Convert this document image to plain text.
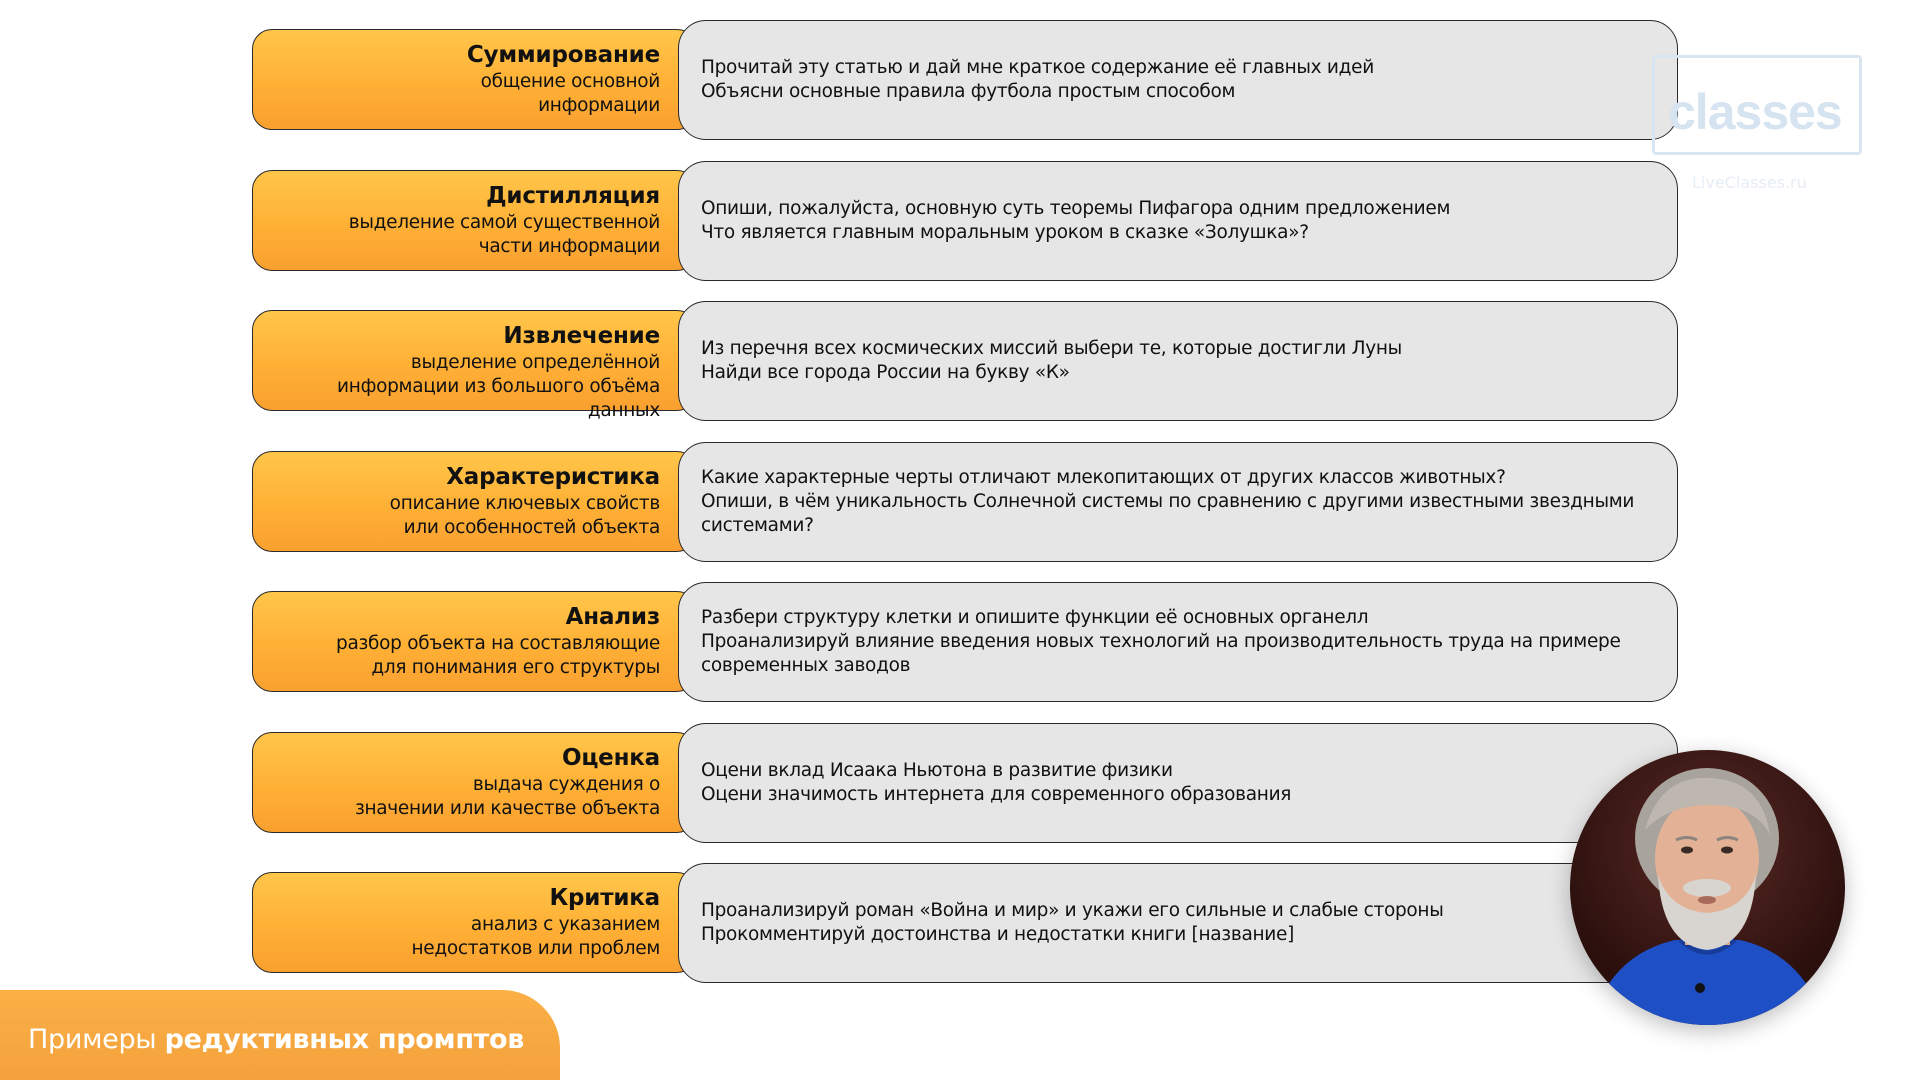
Суммирование
общение основной
информации
Прочитай эту статью и дай мне краткое содержание её главных идей
Объясни основные правила футбола простым способом
Дистилляция
выделение самой существенной
части информации
Опиши, пожалуйста, основную суть теоремы Пифагора одним предложением
Что является главным моральным уроком в сказке «Золушка»?
Извлечение
выделение определённой
информации из большого объёма данных
Из перечня всех космических миссий выбери те, которые достигли Луны
Найди все города России на букву «К»
Характеристика
описание ключевых свойств
или особенностей объекта
Какие характерные черты отличают млекопитающих от других классов животных?
Опиши, в чём уникальность Солнечной системы по сравнению с другими известными звездными
системами?
Анализ
разбор объекта на составляющие
для понимания его структуры
Разбери структуру клетки и опишите функции её основных органелл
Проанализируй влияние введения новых технологий на производительность труда на примере
современных заводов
Оценка
выдача суждения о
значении или качестве объекта
Оцени вклад Исаака Ньютона в развитие физики
Оцени значимость интернета для современного образования
Критика
анализ с указанием
недостатков или проблем
Проанализируй роман «Война и мир» и укажи его сильные и слабые стороны
Прокомментируй достоинства и недостатки книги [название]
classes
LiveClasses.ru
Примеры редуктивных промптов
